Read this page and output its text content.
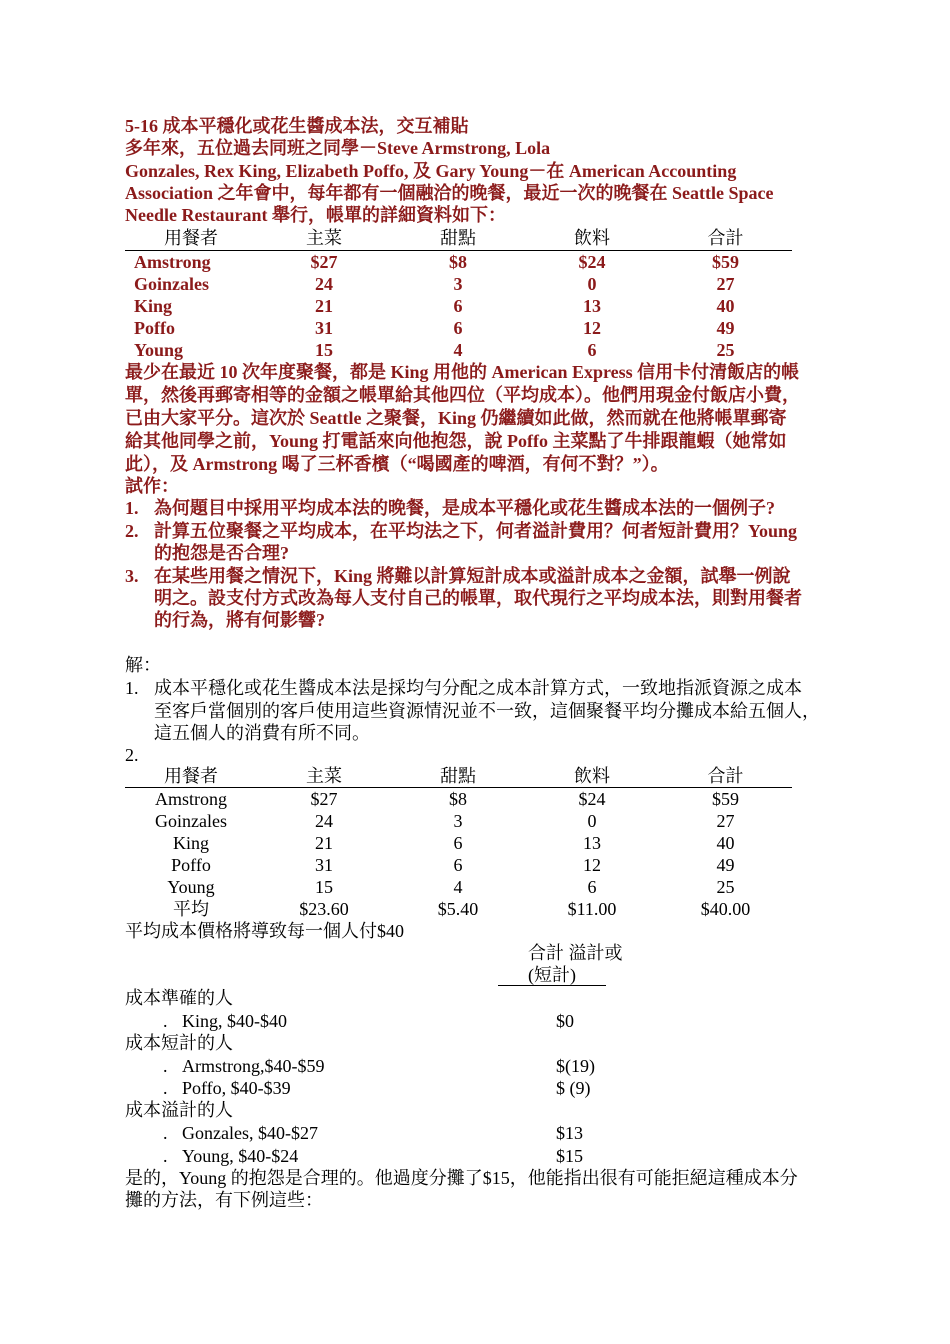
5-16 成本平穩化或花生醬成本法，交互補貼
多年來，五位過去同班之同學－Steve Armstrong, Lola
Gonzales, Rex King, Elizabeth Poffo, 及 Gary Young－在 American Accounting
Association 之年會中，每年都有一個融洽的晚餐，最近一次的晚餐在 Seattle Space
Needle Restaurant 舉行，帳單的詳細資料如下：
用餐者	主菜	甜點	飲料	合計
Amstrong	$27	$8	$24	$59
Goinzales	24	3	0	27
King	21	6	13	40
Poffo	31	6	12	49
Young	15	4	6	25
最少在最近 10 次年度聚餐，都是 King 用他的 American Express 信用卡付清飯店的帳
單，然後再郵寄相等的金額之帳單給其他四位（平均成本）。他們用現金付飯店小費，
已由大家平分。這次於 Seattle 之聚餐，King 仍繼續如此做，然而就在他將帳單郵寄
給其他同學之前，Young 打電話來向他抱怨，說 Poffo 主菜點了牛排跟龍蝦（她常如
此），及 Armstrong 喝了三杯香檳（“喝國產的啤酒，有何不對？”）。
試作：
1. 為何題目中採用平均成本法的晚餐，是成本平穩化或花生醬成本法的一個例子?
2. 計算五位聚餐之平均成本，在平均法之下，何者溢計費用？何者短計費用？Young
的抱怨是否合理?
3. 在某些用餐之情況下，King 將難以計算短計成本或溢計成本之金額，試舉一例說
明之。設支付方式改為每人支付自己的帳單，取代現行之平均成本法，則對用餐者
的行為，將有何影響?
解：
1. 成本平穩化或花生醬成本法是採均勻分配之成本計算方式，一致地指派資源之成本
至客戶當個別的客戶使用這些資源情況並不一致，這個聚餐平均分攤成本給五個人，
這五個人的消費有所不同。
2.
用餐者	主菜	甜點	飲料	合計
Amstrong	$27	$8	$24	$59
Goinzales	24	3	0	27
King	21	6	13	40
Poffo	31	6	12	49
Young	15	4	6	25
平均	$23.60	$5.40	$11.00	$40.00
平均成本價格將導致每一個人付$40
合計 溢計或
(短計)
成本準確的人
. King, $40-$40	$0
成本短計的人
. Armstrong,$40-$59	$(19)
. Poffo, $40-$39	$ (9)
成本溢計的人
. Gonzales, $40-$27	$13
. Young, $40-$24	$15
是的，Young 的抱怨是合理的。他過度分攤了$15，他能指出很有可能拒絕這種成本分
攤的方法，有下例這些：
